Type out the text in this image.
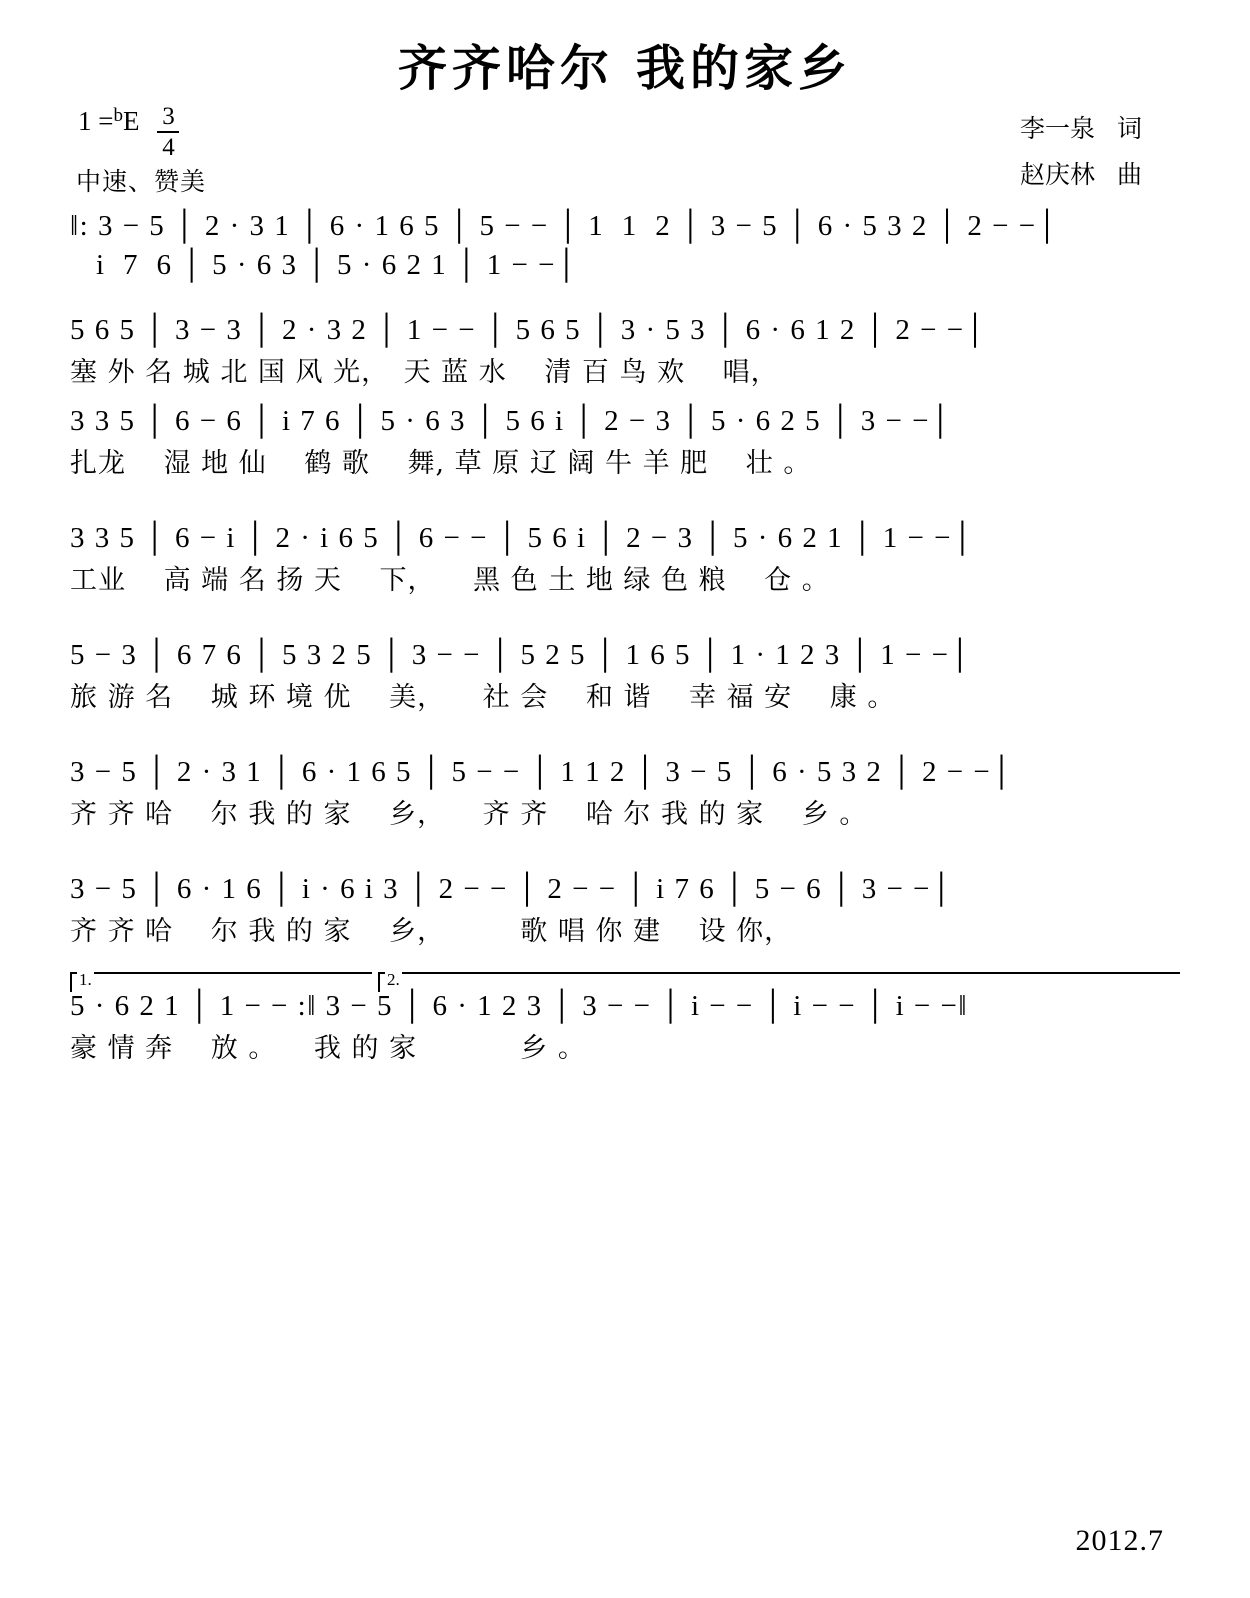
齐齐哈尔 我的家乡
1 = b E $\frac{3}{4}$
中速、赞美
李一泉 词
赵庆林 曲
‖: 3 − 5 │ 2 · 3 1 │ 6 · 1 6 5 │ 5 − − │ 1  1  2 │ 3 − 5 │ 6 · 5 3 2 │ 2 − −│
i  7  6 │ 5 · 6 3 │ 5 · 6 2 1 │ 1 − −│
5 6 5 │ 3 − 3 │ 2 · 3 2 │ 1 − − │ 5 6 5 │ 3 · 5 3 │ 6 · 6 1 2 │ 2 − −│
塞 外 名 城 北 国 风 光，　天 蓝 水 　清 百 鸟 欢 　唱，
3 3 5 │ 6 − 6 │ i 7 6 │ 5 · 6 3 │ 5 6 i │ 2 − 3 │ 5 · 6 2 5 │ 3 − −│
扎龙 　湿 地 仙 　鹤 歌 　舞, 草 原 辽 阔 牛 羊 肥 　壮 。
3 3 5 │ 6 − i │ 2 · i 6 5 │ 6 − − │ 5 6 i │ 2 − 3 │ 5 · 6 2 1 │ 1 − −│
工业 　高 端 名 扬 天 　下， 　黑 色 土 地 绿 色 粮 　仓 。
5 − 3 │ 6 7 6 │ 5 3 2 5 │ 3 − − │ 5 2 5 │ 1 6 5 │ 1 · 1 2 3 │ 1 − −│
旅 游 名 　城 环 境 优 　美， 　社 会 　和 谐 　幸 福 安 　康 。
3 − 5 │ 2 · 3 1 │ 6 · 1 6 5 │ 5 − − │ 1 1 2 │ 3 − 5 │ 6 · 5 3 2 │ 2 − −│
齐 齐 哈 　尔 我 的 家 　乡， 　齐 齐 　哈 尔 我 的 家 　乡 。
3 − 5 │ 6 · 1 6 │ i · 6 i 3 │ 2 − − │ 2 − − │ i 7 6 │ 5 − 6 │ 3 − −│
齐 齐 哈 　尔 我 的 家 　乡， 　　 歌 唱 你 建 　设 你，
1.	2.
5 · 6 2 1 │ 1 − − :‖ 3 − 5 │ 6 · 1 2 3 │ 3 − − │ i − − │ i − − │ i − −‖
豪 情 奔 　放 。 　我 的 家 　　　 乡 。
2012.7
